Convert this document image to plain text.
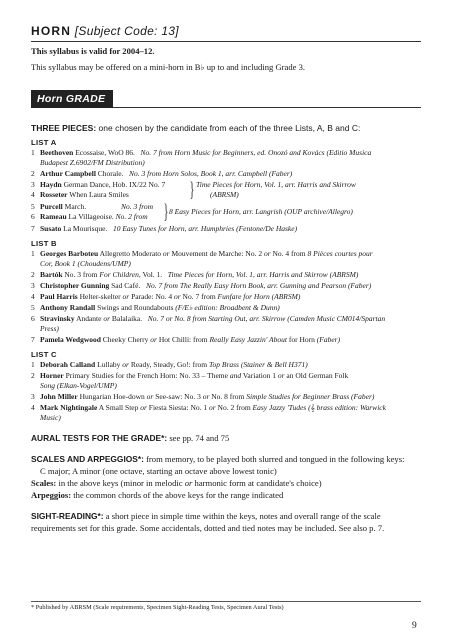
HORN [Subject Code: 13]
This syllabus is valid for 2004–12.
This syllabus may be offered on a mini-horn in B♭ up to and including Grade 3.
Horn GRADE 1
THREE PIECES: one chosen by the candidate from each of the three Lists, A, B and C:
LIST A
1 Beethoven Ecossaise, WoO 86. No. 7 from Horn Music for Beginners, ed. Onozó and Kovács (Editio Musica
Budapest Z.6902/FM Distribution)
2 Arthur Campbell Chorale. No. 3 from Horn Solos, Book 1, arr. Campbell (Faber)
3 Haydn German Dance, Hob. IX/22 No. 7
4 Rosseter When Laura Smiles	} Time Pieces for Horn, Vol. 1, arr. Harris and Skirrow
(ABRSM)
5 Purcell March.	No. 3 from
6 Rameau La Villageoise. No. 2 from } 8 Easy Pieces for Horn, arr. Langrish (OUP archive/Allegro)
7 Susato La Mourisque. 10 Easy Tunes for Horn, arr. Humphries (Fentone/De Haske)
LIST B
1 Georges Barboteu Allegretto Moderato or Mouvement de Marche: No. 2 or No. 4 from 8 Pièces courtes pour
Cor, Book 1 (Choudens/UMP)
2 Bartók No. 3 from For Children, Vol. 1. Time Pieces for Horn, Vol. 1, arr. Harris and Skirrow (ABRSM)
3 Christopher Gunning Sad Café. No. 7 from The Really Easy Horn Book, arr. Gunning and Pearson (Faber)
4 Paul Harris Helter-skelter or Parade: No. 4 or No. 7 from Funfare for Horn (ABRSM)
5 Anthony Randall Swings and Roundabouts (F/E♭ edition: Broadbent & Dunn)
6 Stravinsky Andante or Balalaika. No. 7 or No. 8 from Starting Out, arr. Skirrow (Camden Music CM014/Spartan
Press)
7 Pamela Wedgwood Cheeky Cherry or Hot Chilli: from Really Easy Jazzin' About for Horn (Faber)
LIST C
1 Deborah Calland Lullaby or Ready, Steady, Go!: from Top Brass (Stainer & Bell H371)
2 Horner Primary Studies for the French Horn: No. 33 – Theme and Variation 1 or an Old German Folk
Song (Elkan-Vogel/UMP)
3 John Miller Hungarian Hoe-down or See-saw: No. 3 or No. 8 from Simple Studies for Beginner Brass (Faber)
4 Mark Nightingale A Small Step or Fiesta Siesta: No. 1 or No. 2 from Easy Jazzy 'Tudes (𝄞 brass edition: Warwick
Music)
AURAL TESTS FOR THE GRADE*: see pp. 74 and 75
SCALES AND ARPEGGIOS*: from memory, to be played both slurred and tongued in the following keys:
C major; A minor (one octave, starting an octave above lowest tonic)
Scales: in the above keys (minor in melodic or harmonic form at candidate's choice)
Arpeggios: the common chords of the above keys for the range indicated
SIGHT-READING*: a short piece in simple time within the keys, notes and overall range of the scale
requirements set for this grade. Some accidentals, dotted and tied notes may be included. See also p. 7.
* Published by ABRSM (Scale requirements, Specimen Sight-Reading Tests, Specimen Aural Tests)
9
